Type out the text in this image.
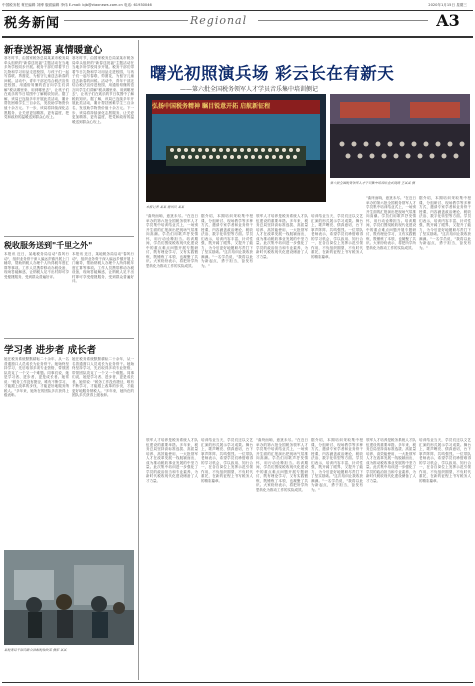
中国税务报 責任编辑 刘博 版面编辑 李伟 E-mail: bjb@ctaxnews.com.cn 电话: 61930046	2020年1月15日 星期三
税务新闻	Regional	A3
新春送祝福 真情暖童心
寒冬时节，由国家税务总局某某市税务局牵头组织的"新春送祝福"主题活动在当地多所学校同步开展。税务干部们带着节日礼物和学习用品走进校园，与孩子们一起写春联、剪窗花，为留守儿童送去新春的问候。活动中，青年干部还结合税法宣传进校园，用通俗易懂的语言向学生们讲解"税从哪里来、用到哪里去"，让孩子们在欢乐的节日氛围中了解税收知识。据了解，该局已连续多年开展此类活动，累计帮扶困难学生三百余名，发放助学物资价值十余万元。下一步，该局将持续深化志愿服务，让关爱更加精准、更有温度，把党和政府的温暖送到群众心坎上。
寒冬时节，由国家税务总局某某市税务局牵头组织的"新春送祝福"主题活动在当地多所学校同步开展。税务干部们带着节日礼物和学习用品走进校园，与孩子们一起写春联、剪窗花，为留守儿童送去新春的问候。活动中，青年干部还结合税法宣传进校园，用通俗易懂的语言向学生们讲解"税从哪里来、用到哪里去"，让孩子们在欢乐的节日氛围中了解税收知识。据了解，该局已连续多年开展此类活动，累计帮扶困难学生三百余名，发放助学物资价值十余万元。下一步，该局将持续深化志愿服务，让关爱更加精准、更有温度，把党和政府的温暖送到群众心坎上。
税收服务送到"千里之外"
本报讯 近日，某地税务局启动"春风行动"，组织业务骨干深入偏远乡镇开展上门辅导，帮助纳税人办理个人所得税年度汇算等事项。工作人员携带移动办税设备，现场答疑解惑，让纳税人足不出村即可享受便捷服务，受到群众普遍好评。
本报讯 近日，某地税务局启动"春风行动"，组织业务骨干深入偏远乡镇开展上门辅导，帮助纳税人办理个人所得税年度汇算等事项。工作人员携带移动办税设备，现场答疑解惑，让纳税人足不出村即可享受便捷服务，受到群众普遍好评。
学习者 进步者 成长者
她在税务系统默默耕耘二十余年，从一名普通窗口人员成长为业务骨干。她始终坚持学习，先后取得多项专业资格，带领团队攻克了一个又一个难题。同事们说，她是学习者、进步者，更是成长者。她常说："税务工作没有捷径，唯有不断学习，才能跟上改革的步伐，才能更好地服务纳税人。"多年来，她所在的团队多次获得上级表彰。
她在税务系统默默耕耘二十余年，从一名普通窗口人员成长为业务骨干。她始终坚持学习，先后取得多项专业资格，带领团队攻克了一个又一个难题。同事们说，她是学习者、进步者，更是成长者。她常说："税务工作没有捷径，唯有不断学习，才能跟上改革的步伐，才能更好地服务纳税人。"多年来，她所在的团队多次获得上级表彰。
某税务局干部向群众讲解税收政策 摄影 某某
曙光初照演兵场 彩云长在有新天
——第六批全国税务领军人才学员音乐集中培训侧记
弘扬中国税务精神 瞩目锐意开拓 启航新征程
第六批全国税务领军人才学员集中培训结业式现场 王某某 摄
本报记者 某某 通讯员 某某
"曲终而响，意犹未尽。"在近日举办的第六批全国税务领军人才学员集中培训结业式上，一场别开生面的汇报演出把现场气氛推向高潮。学员们用歌声抒发情怀，用行动诠释担当。培训期间，学员们围绕税收现代化建设中的重点难点问题开展专题研讨，既有理论学习，又有实践锻炼，既锤炼了本领，也凝聚了共识。大家纷纷表示，将把所学所思转化为推动工作的实际成效。
据介绍，本期培训采取集中授课、分组研讨、现场教学等多种方式，邀请专家学者和业务骨干授课，内容涵盖政治理论、税收法治、数字化转型等方面。学员们表示，培训内容丰富、针对性强，既开阔了眼界，又提升了能力，为今后更好地履职尽责打下了坚实基础。"这次培训让我收获满满。"一名学员说，"我将以此为新起点，勇于担当，奋发有为。"
领军人才培养是税务系统人才队伍建设的重要举措。多年来，税务总局坚持高标准选拔、高质量培养、高效能使用，一大批领军人才在改革发展一线脱颖而出，成为推动税收事业发展的中坚力量。此次集中培训进一步强化了学员的政治担当和专业素养，为新时代税收现代化建设储备了人才力量。
培训结业当天，学员们还以文艺汇演的形式展示学习成果。舞台上，歌声嘹亮、情真意切，台下掌声阵阵、共鸣强烈。一位带队老师表示，希望学员们珍惜难得的学习机会，学以致用、知行合一，在各自岗位上发挥示范引领作用，不负组织期望，不负时代重托，在新的征程上书写税务人的精彩篇章。
"曲终而响，意犹未尽。"在近日举办的第六批全国税务领军人才学员集中培训结业式上，一场别开生面的汇报演出把现场气氛推向高潮。学员们用歌声抒发情怀，用行动诠释担当。培训期间，学员们围绕税收现代化建设中的重点难点问题开展专题研讨，既有理论学习，又有实践锻炼，既锤炼了本领，也凝聚了共识。大家纷纷表示，将把所学所思转化为推动工作的实际成效。
据介绍，本期培训采取集中授课、分组研讨、现场教学等多种方式，邀请专家学者和业务骨干授课，内容涵盖政治理论、税收法治、数字化转型等方面。学员们表示，培训内容丰富、针对性强，既开阔了眼界，又提升了能力，为今后更好地履职尽责打下了坚实基础。"这次培训让我收获满满。"一名学员说，"我将以此为新起点，勇于担当，奋发有为。"
领军人才培养是税务系统人才队伍建设的重要举措。多年来，税务总局坚持高标准选拔、高质量培养、高效能使用，一大批领军人才在改革发展一线脱颖而出，成为推动税收事业发展的中坚力量。此次集中培训进一步强化了学员的政治担当和专业素养，为新时代税收现代化建设储备了人才力量。
培训结业当天，学员们还以文艺汇演的形式展示学习成果。舞台上，歌声嘹亮、情真意切，台下掌声阵阵、共鸣强烈。一位带队老师表示，希望学员们珍惜难得的学习机会，学以致用、知行合一，在各自岗位上发挥示范引领作用，不负组织期望，不负时代重托，在新的征程上书写税务人的精彩篇章。
"曲终而响，意犹未尽。"在近日举办的第六批全国税务领军人才学员集中培训结业式上，一场别开生面的汇报演出把现场气氛推向高潮。学员们用歌声抒发情怀，用行动诠释担当。培训期间，学员们围绕税收现代化建设中的重点难点问题开展专题研讨，既有理论学习，又有实践锻炼，既锤炼了本领，也凝聚了共识。大家纷纷表示，将把所学所思转化为推动工作的实际成效。
据介绍，本期培训采取集中授课、分组研讨、现场教学等多种方式，邀请专家学者和业务骨干授课，内容涵盖政治理论、税收法治、数字化转型等方面。学员们表示，培训内容丰富、针对性强，既开阔了眼界，又提升了能力，为今后更好地履职尽责打下了坚实基础。"这次培训让我收获满满。"一名学员说，"我将以此为新起点，勇于担当，奋发有为。"
领军人才培养是税务系统人才队伍建设的重要举措。多年来，税务总局坚持高标准选拔、高质量培养、高效能使用，一大批领军人才在改革发展一线脱颖而出，成为推动税收事业发展的中坚力量。此次集中培训进一步强化了学员的政治担当和专业素养，为新时代税收现代化建设储备了人才力量。
培训结业当天，学员们还以文艺汇演的形式展示学习成果。舞台上，歌声嘹亮、情真意切，台下掌声阵阵、共鸣强烈。一位带队老师表示，希望学员们珍惜难得的学习机会，学以致用、知行合一，在各自岗位上发挥示范引领作用，不负组织期望，不负时代重托，在新的征程上书写税务人的精彩篇章。
